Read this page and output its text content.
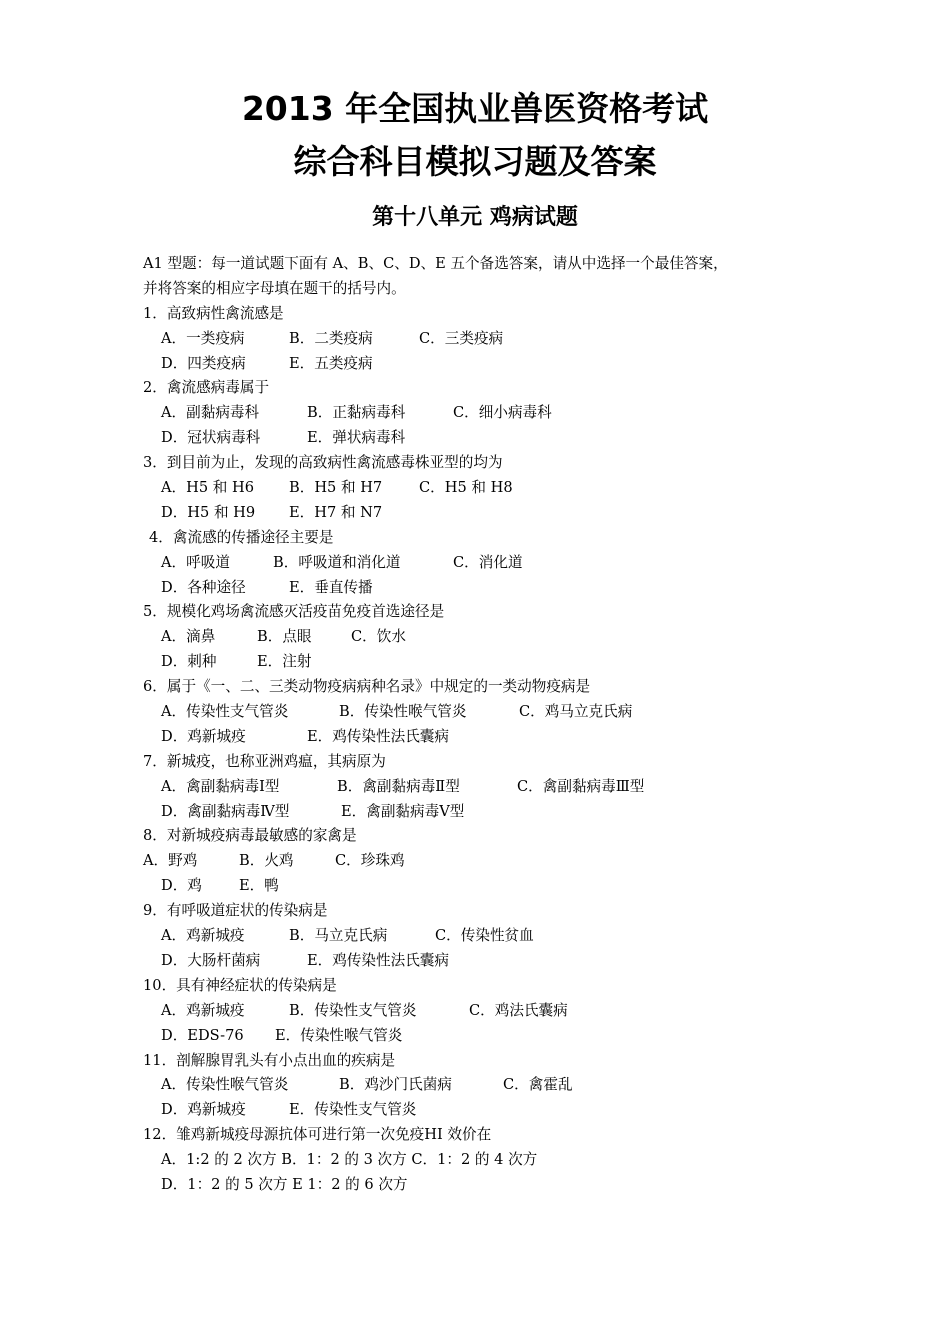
2013 年全国执业兽医资格考试
综合科目模拟习题及答案
第十八单元 鸡病试题
A1 型题：每一道试题下面有 A、B、C、D、E 五个备选答案，请从中选择一个最佳答案，
并将答案的相应字母填在题干的括号内。
1．高致病性禽流感是
A．一类疫病	B．二类疫病	C．三类疫病
D．四类疫病	E．五类疫病
2．禽流感病毒属于
A．副黏病毒科	B．正黏病毒科	C．细小病毒科
D．冠状病毒科	E．弹状病毒科
3．到目前为止，发现的高致病性禽流感毒株亚型的均为
A．H5 和 H6 B．H5 和 H7	C．H5 和 H8
D．H5 和 H9 E．H7 和 N7
4．禽流感的传播途径主要是
A．呼吸道	B．呼吸道和消化道	C．消化道
D．各种途径	E．垂直传播
5．规模化鸡场禽流感灭活疫苗免疫首选途径是
A．滴鼻	B．点眼	C．饮水
D．刺种	E．注射
6．属于《一、二、三类动物疫病病种名录》中规定的一类动物疫病是
A．传染性支气管炎	B．传染性喉气管炎	C．鸡马立克氏病
D．鸡新城疫	E．鸡传染性法氏囊病
7．新城疫，也称亚洲鸡瘟，其病原为
A．禽副黏病毒Ⅰ型	B．禽副黏病毒Ⅱ型	C．禽副黏病毒Ⅲ型
D．禽副黏病毒Ⅳ型	E．禽副黏病毒Ⅴ型
8．对新城疫病毒最敏感的家禽是
A．野鸡	B．火鸡	C．珍珠鸡
D．鸡	E．鸭
9．有呼吸道症状的传染病是
A．鸡新城疫	B．马立克氏病	C．传染性贫血
D．大肠杆菌病	E．鸡传染性法氏囊病
10．具有神经症状的传染病是
A．鸡新城疫	B．传染性支气管炎	C．鸡法氏囊病
D．EDS-76 E．传染性喉气管炎
11．剖解腺胃乳头有小点出血的疾病是
A．传染性喉气管炎	B．鸡沙门氏菌病	C．禽霍乱
D．鸡新城疫	E．传染性支气管炎
12．雏鸡新城疫母源抗体可进行第一次免疫HI 效价在
A．1:2 的 2 次方 B．1：2 的 3 次方 C．1：2 的 4 次方
D．1：2 的 5 次方 E 1：2 的 6 次方
